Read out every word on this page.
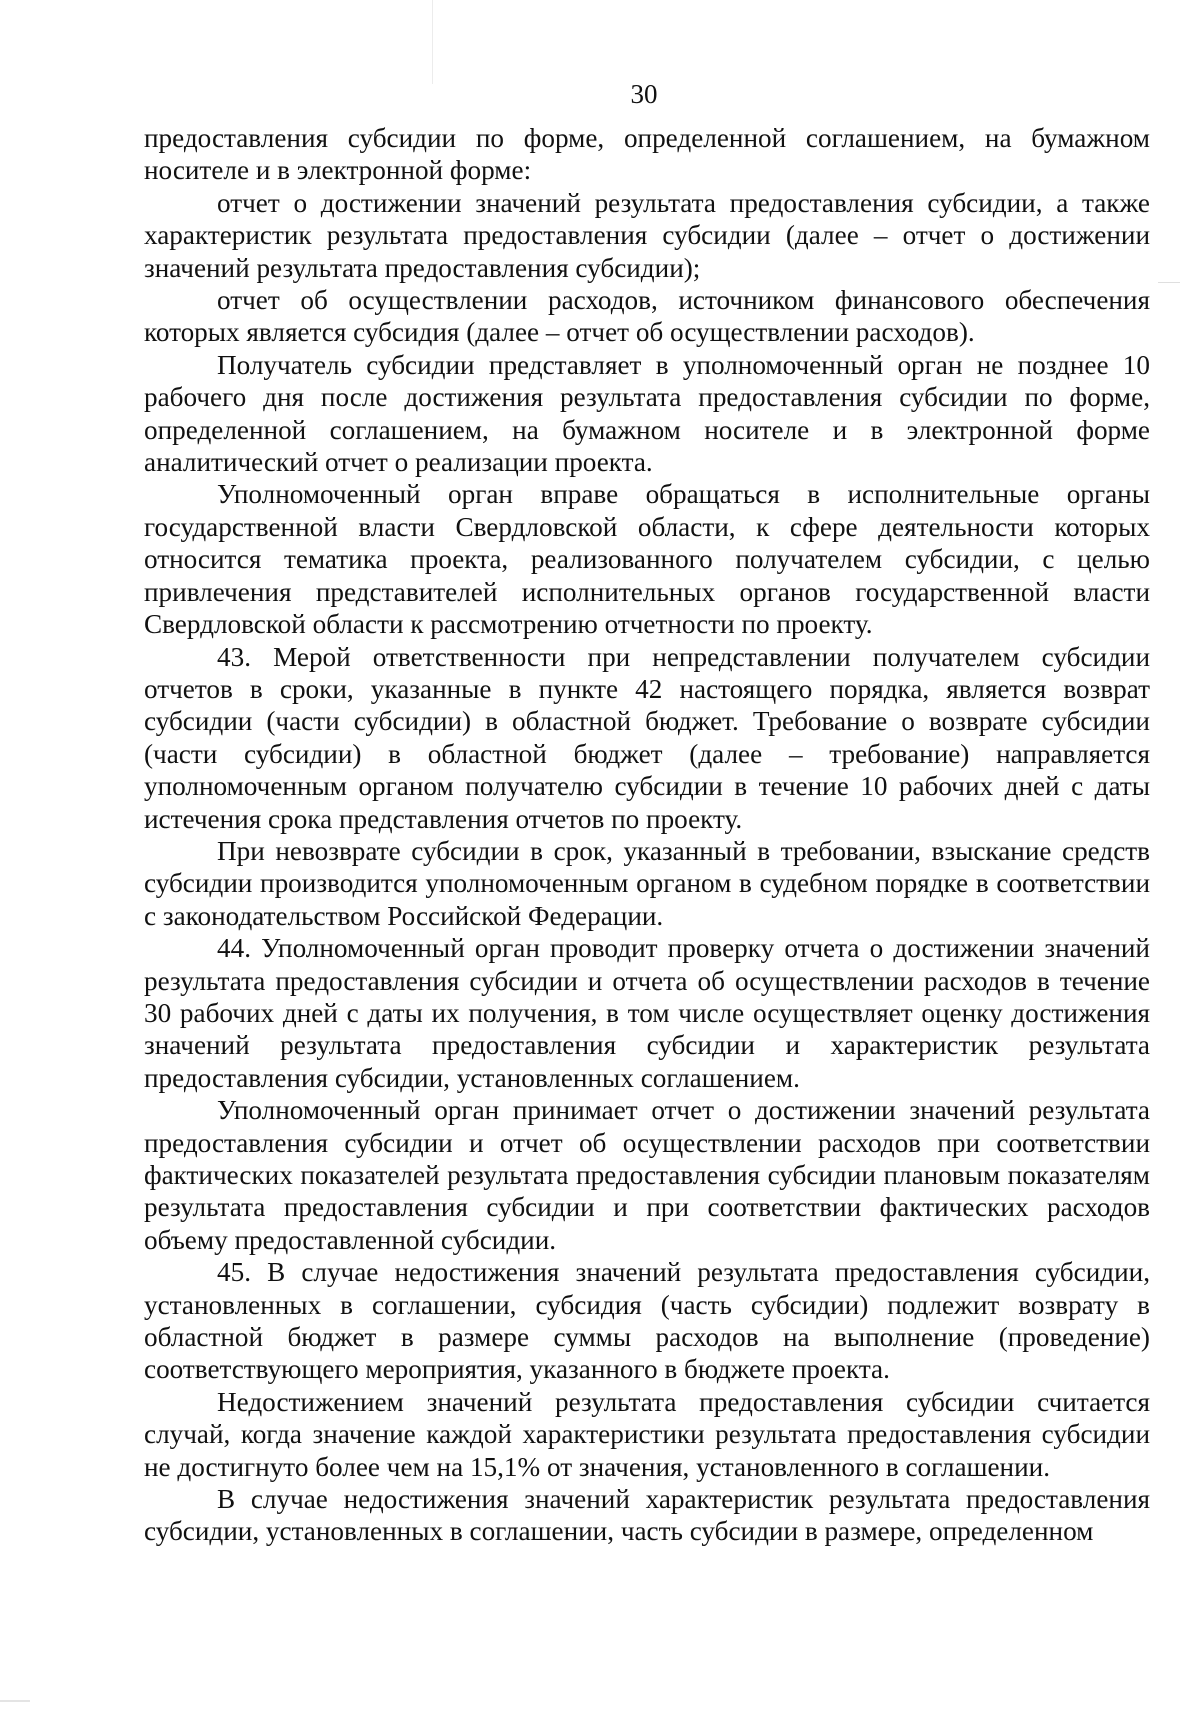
30

предоставления субсидии по форме, определенной соглашением, на бумажном носителе и в электронной форме:

отчет о достижении значений результата предоставления субсидии, а также характеристик результата предоставления субсидии (далее – отчет о достижении значений результата предоставления субсидии);

отчет об осуществлении расходов, источником финансового обеспечения которых является субсидия (далее – отчет об осуществлении расходов).

Получатель субсидии представляет в уполномоченный орган не позднее 10 рабочего дня после достижения результата предоставления субсидии по форме, определенной соглашением, на бумажном носителе и в электронной форме аналитический отчет о реализации проекта.

Уполномоченный орган вправе обращаться в исполнительные органы государственной власти Свердловской области, к сфере деятельности которых относится тематика проекта, реализованного получателем субсидии, с целью привлечения представителей исполнительных органов государственной власти Свердловской области к рассмотрению отчетности по проекту.

43. Мерой ответственности при непредставлении получателем субсидии отчетов в сроки, указанные в пункте 42 настоящего порядка, является возврат субсидии (части субсидии) в областной бюджет. Требование о возврате субсидии (части субсидии) в областной бюджет (далее – требование) направляется уполномоченным органом получателю субсидии в течение 10 рабочих дней с даты истечения срока представления отчетов по проекту.

При невозврате субсидии в срок, указанный в требовании, взыскание средств субсидии производится уполномоченным органом в судебном порядке в соответствии с законодательством Российской Федерации.

44. Уполномоченный орган проводит проверку отчета о достижении значений результата предоставления субсидии и отчета об осуществлении расходов в течение 30 рабочих дней с даты их получения, в том числе осуществляет оценку достижения значений результата предоставления субсидии и характеристик результата предоставления субсидии, установленных соглашением.

Уполномоченный орган принимает отчет о достижении значений результата предоставления субсидии и отчет об осуществлении расходов при соответствии фактических показателей результата предоставления субсидии плановым показателям результата предоставления субсидии и при соответствии фактических расходов объему предоставленной субсидии.

45. В случае недостижения значений результата предоставления субсидии, установленных в соглашении, субсидия (часть субсидии) подлежит возврату в областной бюджет в размере суммы расходов на выполнение (проведение) соответствующего мероприятия, указанного в бюджете проекта.

Недостижением значений результата предоставления субсидии считается случай, когда значение каждой характеристики результата предоставления субсидии не достигнуто более чем на 15,1% от значения, установленного в соглашении.

В случае недостижения значений характеристик результата предоставления субсидии, установленных в соглашении, часть субсидии в размере, определенном
